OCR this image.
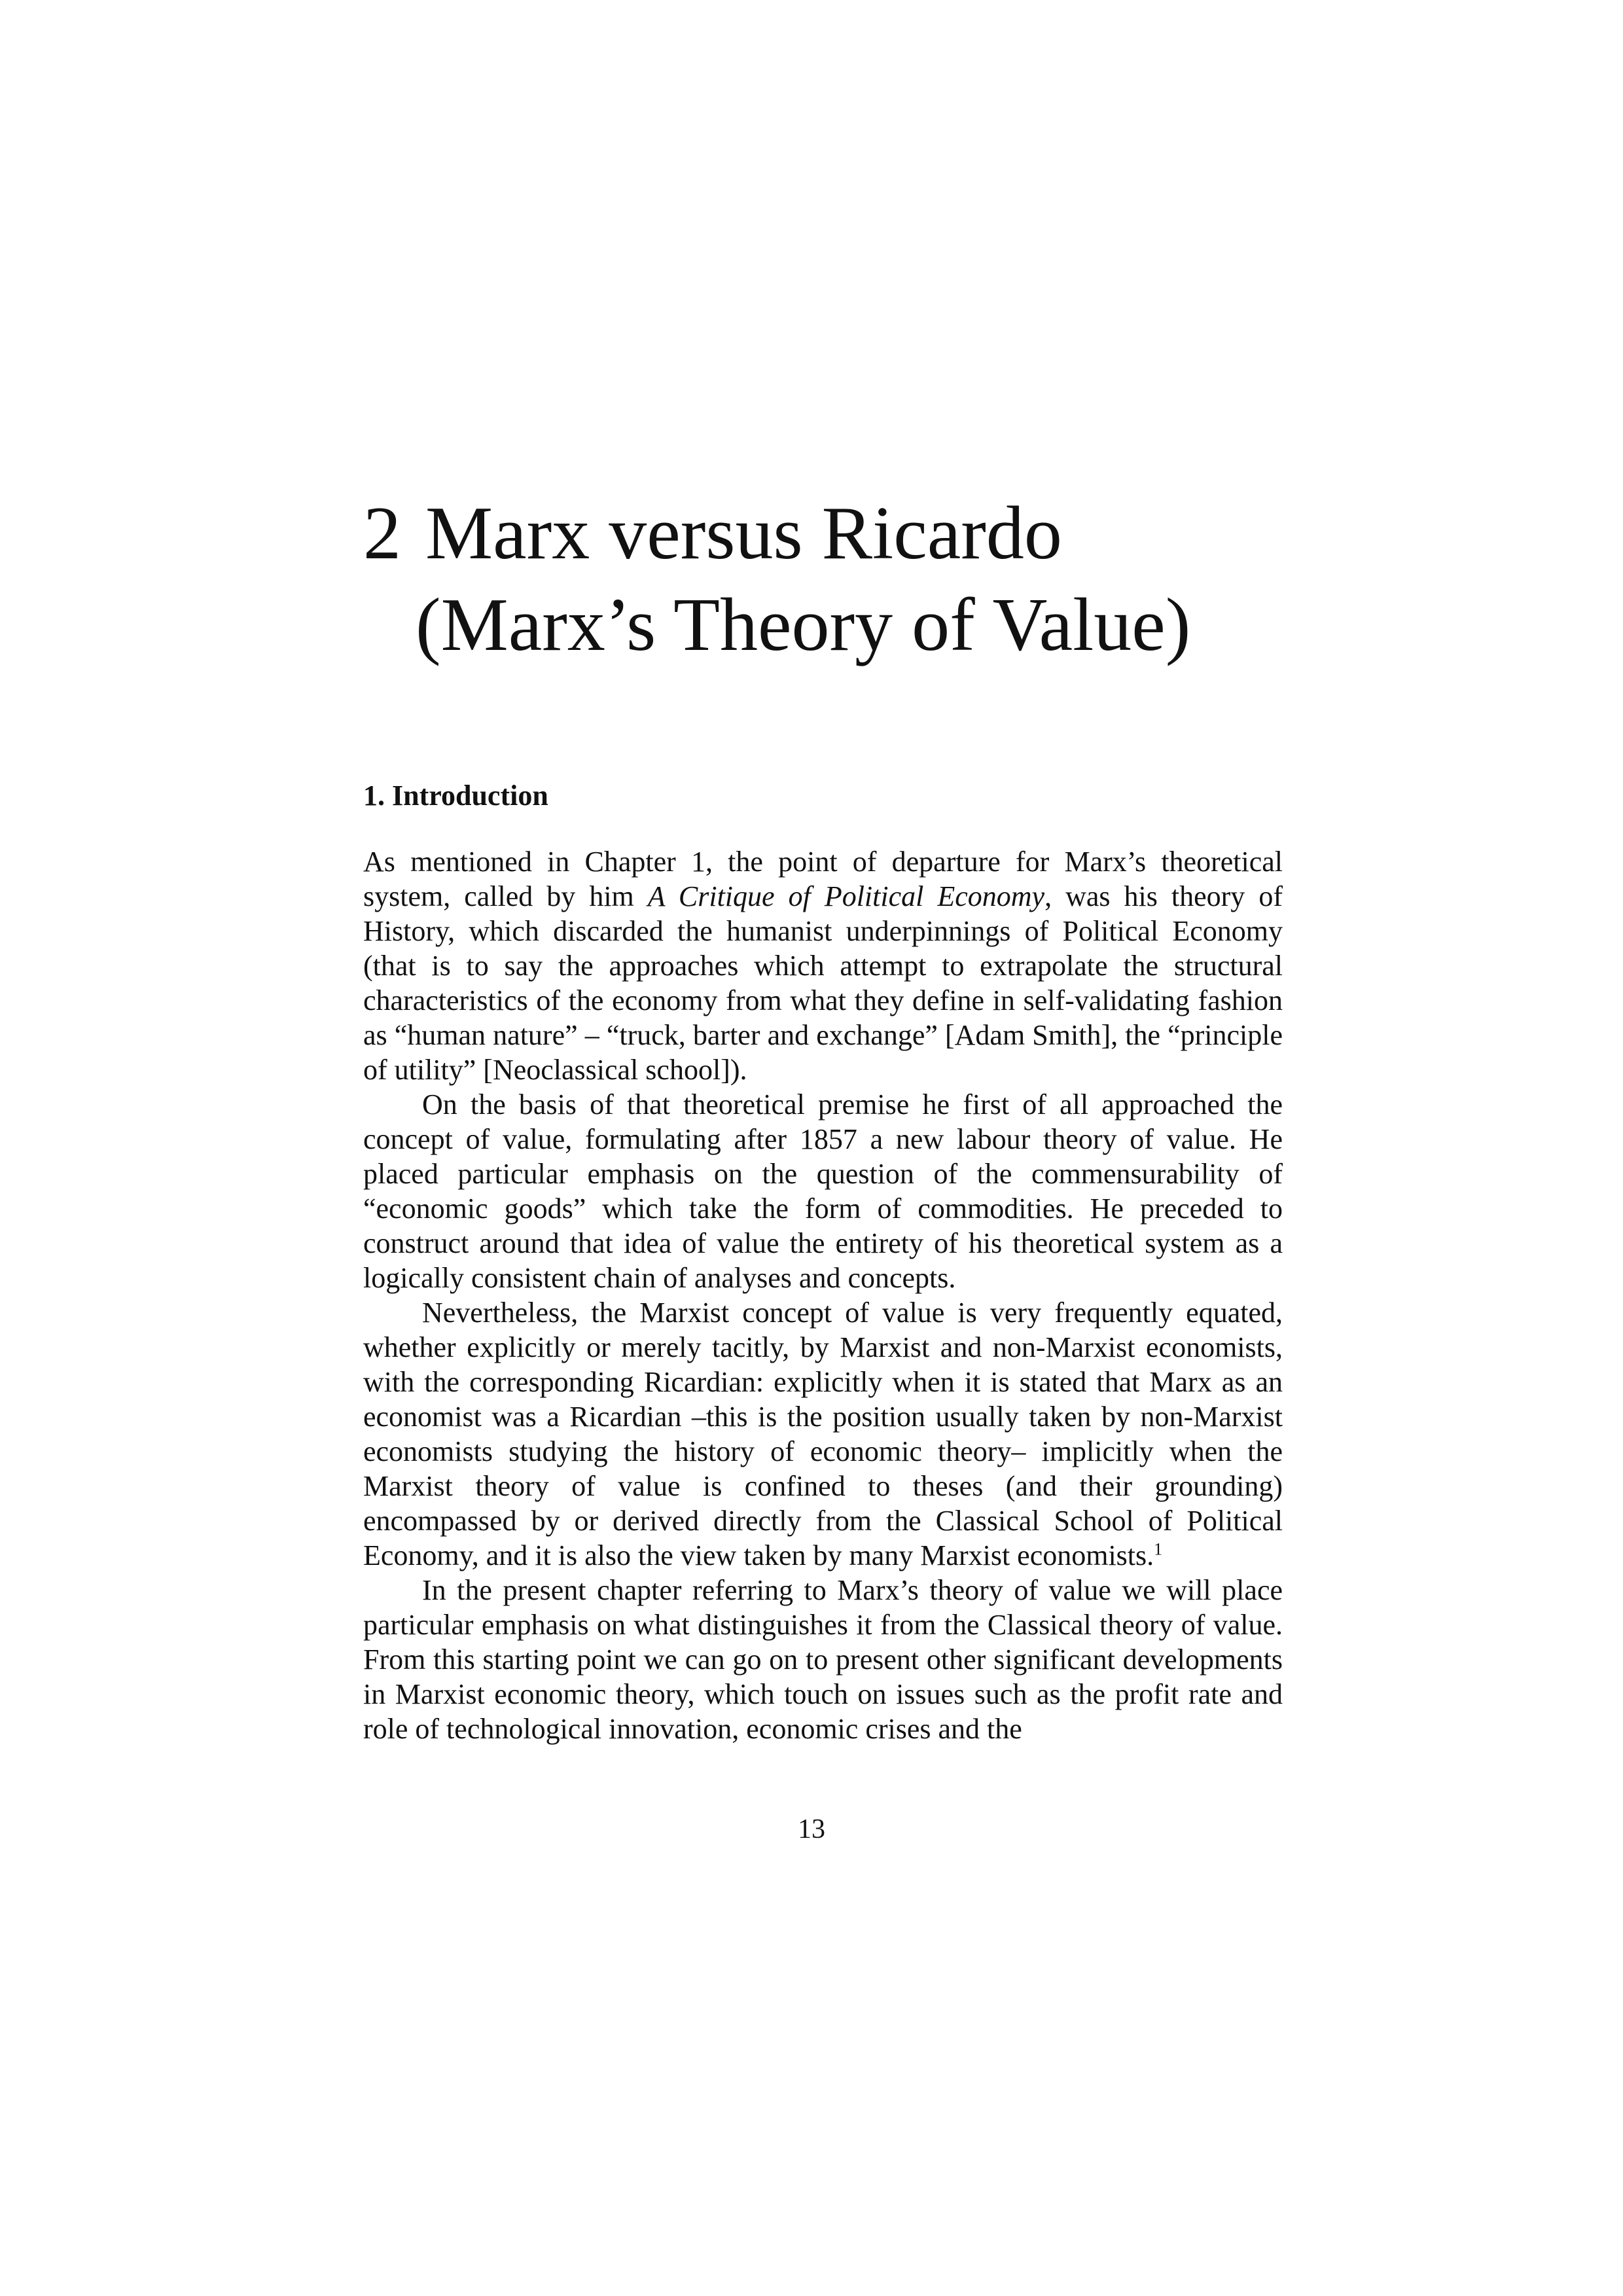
2 Marx versus Ricardo
(Marx’s Theory of Value)
1. Introduction

As mentioned in Chapter 1, the point of departure for Marx’s theoretical system, called by him A Critique of Political Economy, was his theory of History, which discarded the humanist underpinnings of Political Economy (that is to say the approaches which attempt to extrapolate the structural characteristics of the economy from what they define in self-validating fashion as “human nature” – “truck, barter and exchange” [Adam Smith], the “principle of utility” [Neoclassical school]).

On the basis of that theoretical premise he first of all approached the concept of value, formulating after 1857 a new labour theory of value. He placed particular emphasis on the question of the commensurability of “economic goods” which take the form of commodities. He preceded to construct around that idea of value the entirety of his theoretical system as a logically consistent chain of analyses and concepts.

Nevertheless, the Marxist concept of value is very frequently equated, whether explicitly or merely tacitly, by Marxist and non-Marxist economists, with the corresponding Ricardian: explicitly when it is stated that Marx as an economist was a Ricardian –this is the position usually taken by non-Marxist economists studying the history of economic theory– implicitly when the Marxist theory of value is confined to theses (and their grounding) encompassed by or derived directly from the Classical School of Political Economy, and it is also the view taken by many Marxist economists.$^1$

In the present chapter referring to Marx’s theory of value we will place particular emphasis on what distinguishes it from the Classical theory of value. From this starting point we can go on to present other significant developments in Marxist economic theory, which touch on issues such as the profit rate and role of technological innovation, economic crises and the

13
